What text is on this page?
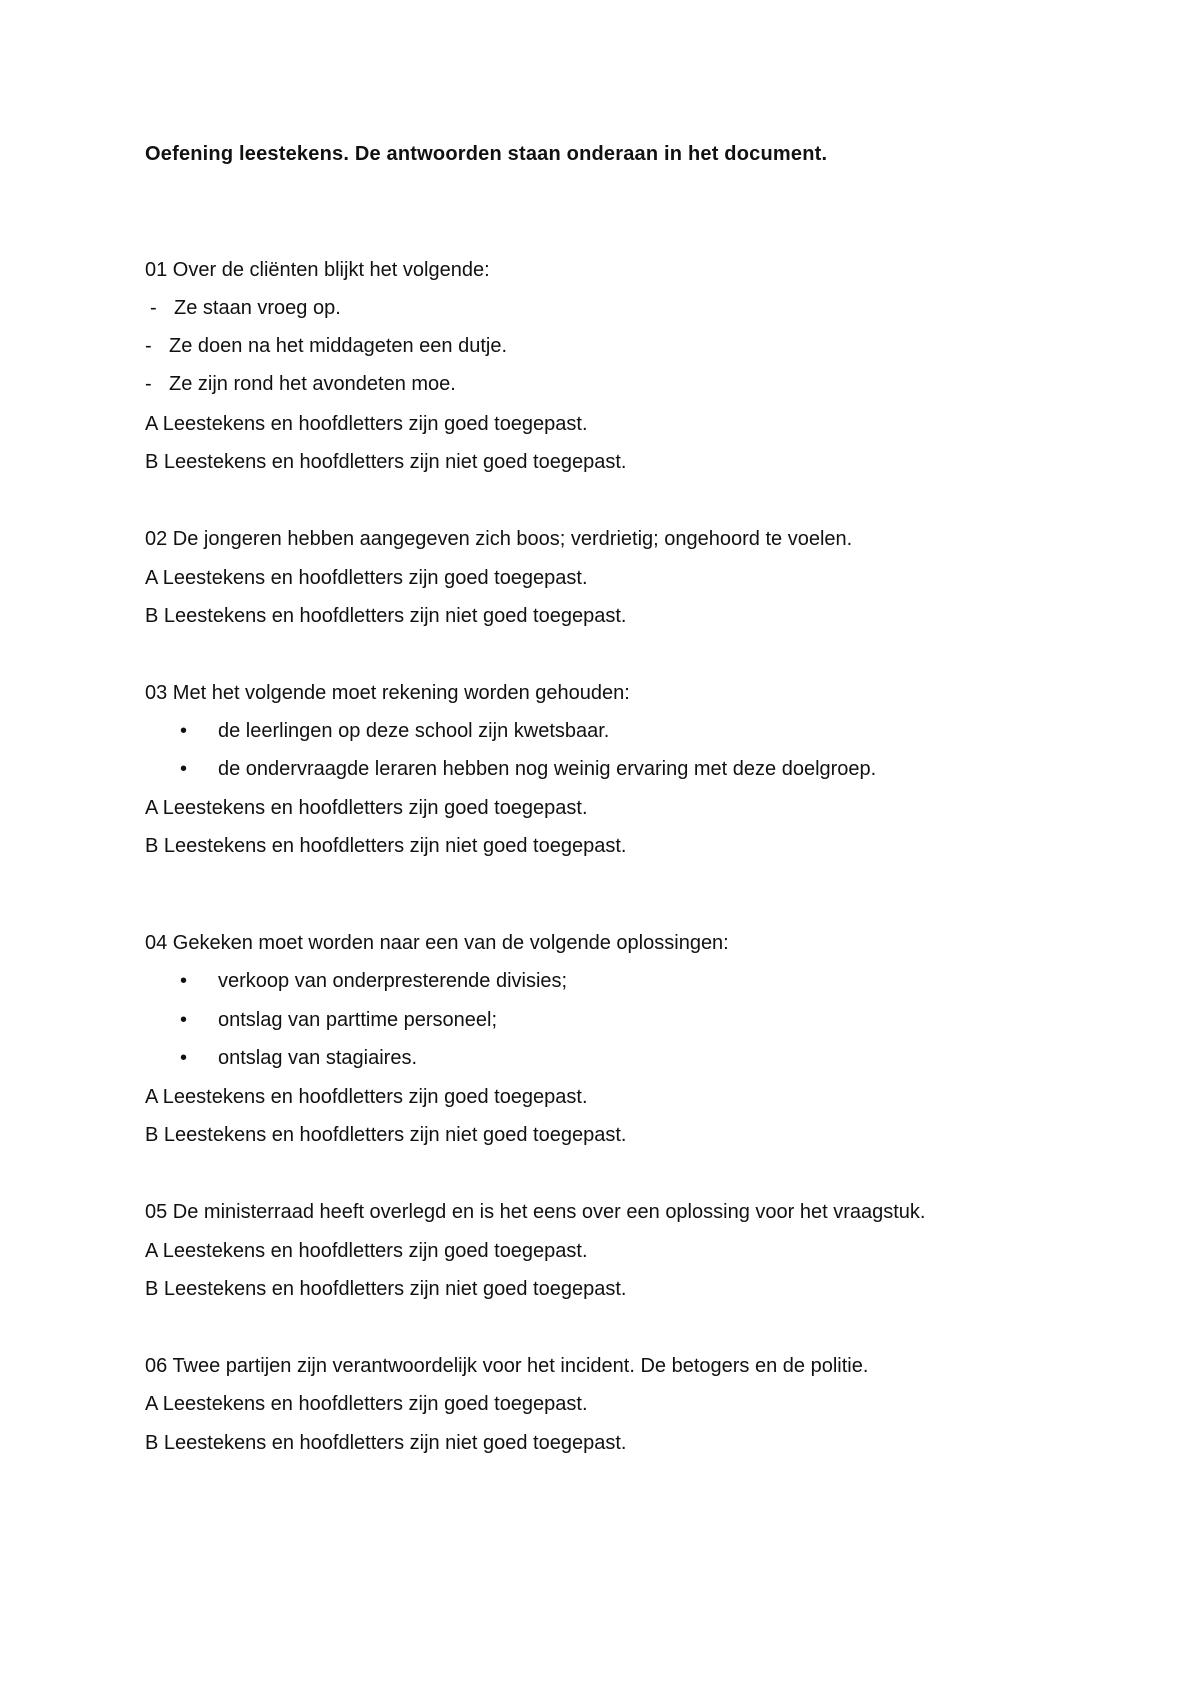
Oefening leestekens. De antwoorden staan onderaan in het document.
01 Over de cliënten blijkt het volgende:
- Ze staan vroeg op.
- Ze doen na het middageten een dutje.
- Ze zijn rond het avondeten moe.
A Leestekens en hoofdletters zijn goed toegepast.
B Leestekens en hoofdletters zijn niet goed toegepast.
02 De jongeren hebben aangegeven zich boos; verdrietig; ongehoord te voelen.
A Leestekens en hoofdletters zijn goed toegepast.
B Leestekens en hoofdletters zijn niet goed toegepast.
03 Met het volgende moet rekening worden gehouden:
• de leerlingen op deze school zijn kwetsbaar.
• de ondervraagde leraren hebben nog weinig ervaring met deze doelgroep.
A Leestekens en hoofdletters zijn goed toegepast.
B Leestekens en hoofdletters zijn niet goed toegepast.
04 Gekeken moet worden naar een van de volgende oplossingen:
• verkoop van onderpresterende divisies;
• ontslag van parttime personeel;
• ontslag van stagiaires.
A Leestekens en hoofdletters zijn goed toegepast.
B Leestekens en hoofdletters zijn niet goed toegepast.
05 De ministerraad heeft overlegd en is het eens over een oplossing voor het vraagstuk.
A Leestekens en hoofdletters zijn goed toegepast.
B Leestekens en hoofdletters zijn niet goed toegepast.
06 Twee partijen zijn verantwoordelijk voor het incident. De betogers en de politie.
A Leestekens en hoofdletters zijn goed toegepast.
B Leestekens en hoofdletters zijn niet goed toegepast.
